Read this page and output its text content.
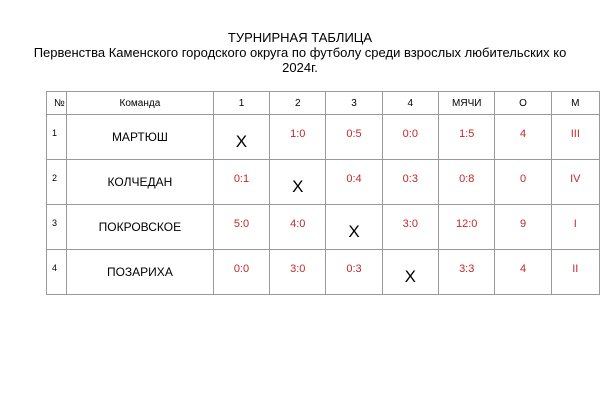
ТУРНИРНАЯ ТАБЛИЦА
Первенства Каменского городского округа по футболу среди взрослых любительских ко
2024г.
№	Команда	1	2	3	4	МЯЧИ	О	М

1	МАРТЮШ	X	1:0	0:5	0:0	1:5	4	III

2	КОЛЧЕДАН	0:1	X	0:4	0:3	0:8	0	IV

3	ПОКРОВСКОЕ	5:0	4:0	X	3:0	12:0	9	I

4	ПОЗАРИХА	0:0	3:0	0:3	X	3:3	4	II
